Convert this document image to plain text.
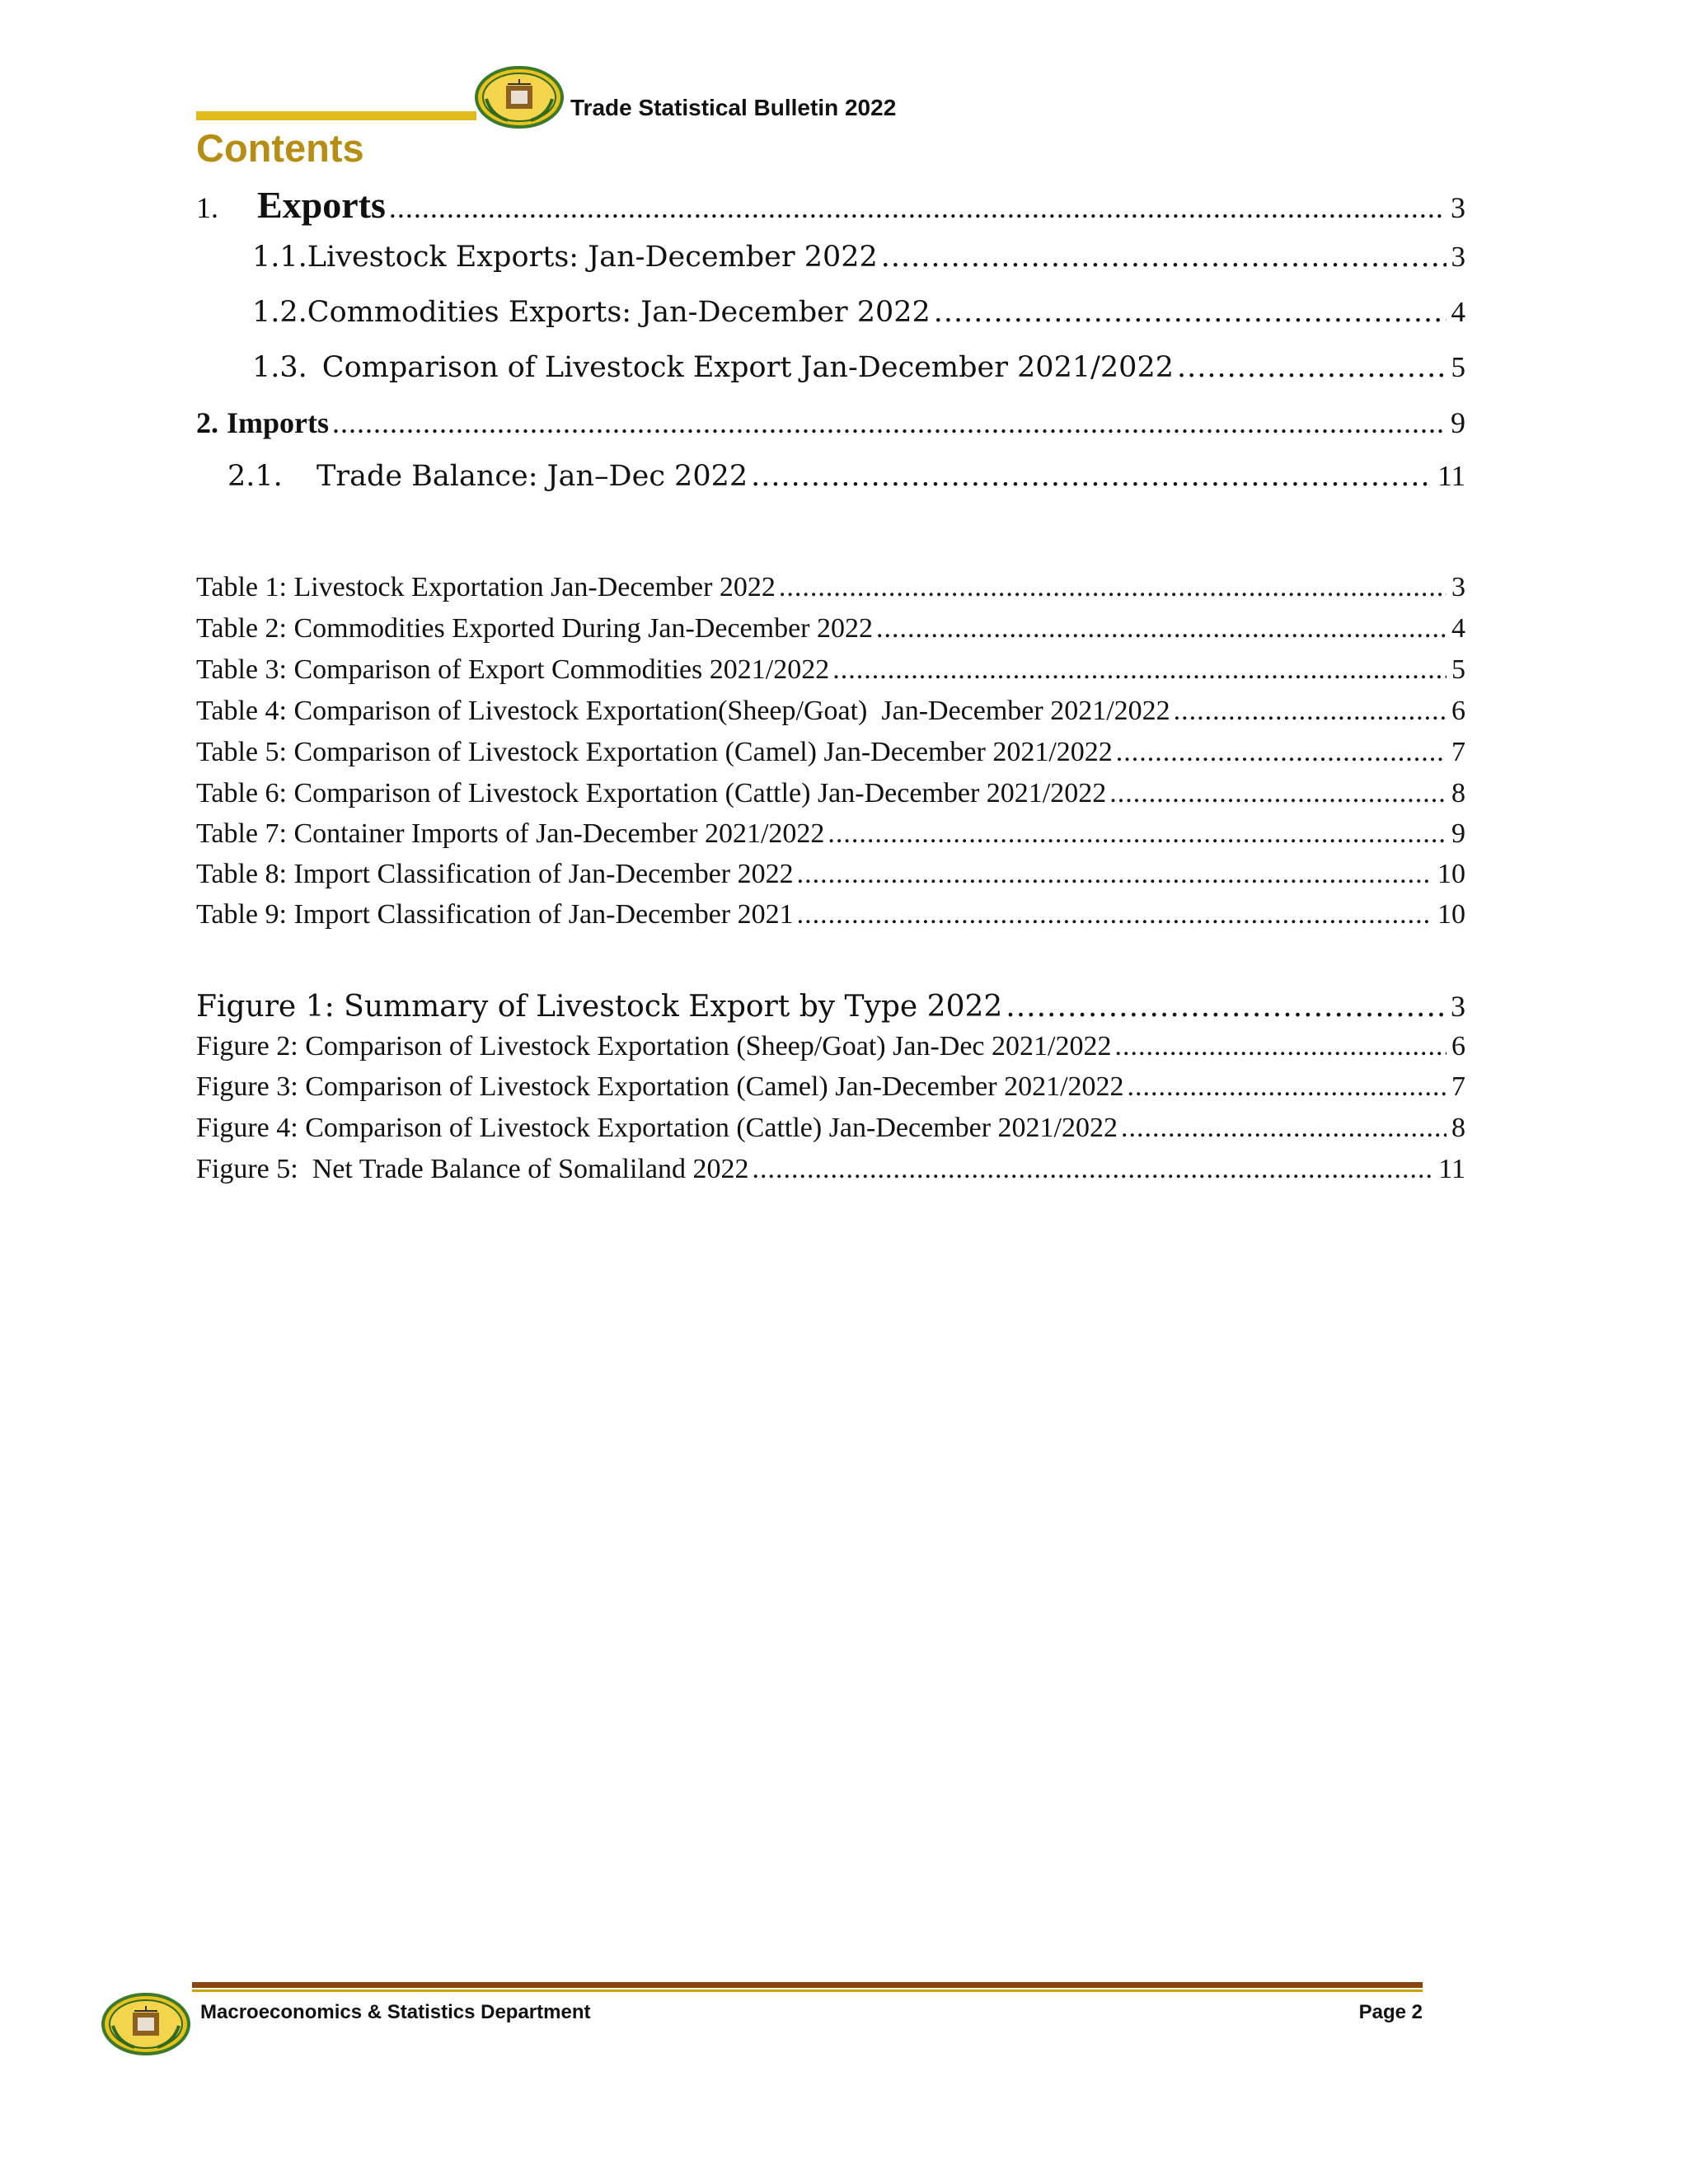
Trade Statistical Bulletin 2022
Contents
1. Exports .....	3
1.1.Livestock Exports: Jan-December 2022 .....	3
1.2.Commodities Exports: Jan-December 2022 .....	4
1.3. Comparison of Livestock Export Jan-December 2021/2022 .....	5
2. Imports .....	9
2.1. Trade Balance: Jan–Dec 2022 .....	11
Table 1: Livestock Exportation Jan-December 2022 .....	3
Table 2: Commodities Exported During Jan-December 2022 .....	4
Table 3: Comparison of Export Commodities 2021/2022 .....	5
Table 4: Comparison of Livestock Exportation(Sheep/Goat)  Jan-December 2021/2022 .....	6
Table 5: Comparison of Livestock Exportation (Camel) Jan-December 2021/2022 .....	7
Table 6: Comparison of Livestock Exportation (Cattle) Jan-December 2021/2022 .....	8
Table 7: Container Imports of Jan-December 2021/2022 .....	9
Table 8: Import Classification of Jan-December 2022 .....	10
Table 9: Import Classification of Jan-December 2021 .....	10
Figure 1: Summary of Livestock Export by Type 2022 .....	3
Figure 2: Comparison of Livestock Exportation (Sheep/Goat) Jan-Dec 2021/2022 .....	6
Figure 3: Comparison of Livestock Exportation (Camel) Jan-December 2021/2022 .....	7
Figure 4: Comparison of Livestock Exportation (Cattle) Jan-December 2021/2022 .....	8
Figure 5:  Net Trade Balance of Somaliland 2022 .....	11
Macroeconomics & Statistics Department	Page 2
